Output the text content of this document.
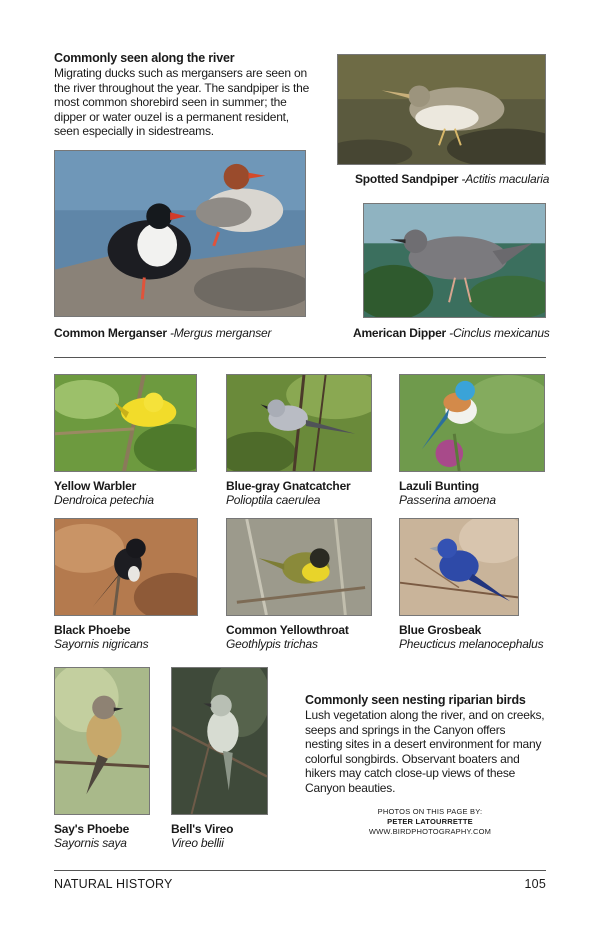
Commonly seen along the river
Migrating ducks such as mergansers are seen on the river throughout the year. The sandpiper is the most common shorebird seen in summer; the dipper or water ouzel is a permanent resident, seen especially in sidestreams.
Spotted Sandpiper -Actitis macularia
Common Merganser -Mergus merganser	American Dipper -Cinclus mexicanus
Yellow Warbler
Dendroica petechia
Blue-gray Gnatcatcher
Polioptila caerulea
Lazuli Bunting
Passerina amoena
Black Phoebe
Sayornis nigricans
Common Yellowthroat
Geothlypis trichas
Blue Grosbeak
Pheucticus melanocephalus
Say's Phoebe
Sayornis saya
Bell's Vireo
Vireo bellii
Commonly seen nesting riparian birds
Lush vegetation along the river, and on creeks, seeps and springs in the Canyon offers nesting sites in a desert environment for many colorful songbirds. Observant boaters and hikers may catch close-up views of these Canyon beauties.
PHOTOS ON THIS PAGE BY:
PETER LATOURRETTE
WWW.BIRDPHOTOGRAPHY.COM
NATURAL HISTORY	105
